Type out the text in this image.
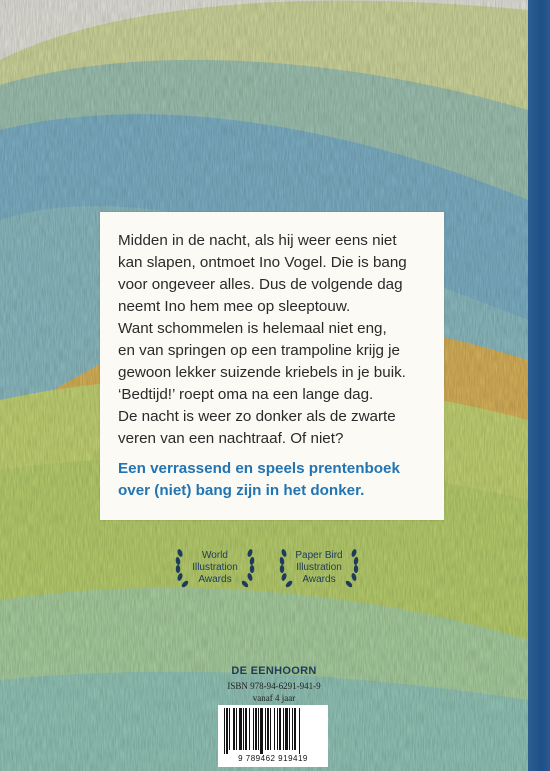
Midden in de nacht, als hij weer eens niet

kan slapen, ontmoet Ino Vogel. Die is bang

voor ongeveer alles. Dus de volgende dag

neemt Ino hem mee op sleeptouw.

Want schommelen is helemaal niet eng,

en van springen op een trampoline krijg je

gewoon lekker suizende kriebels in je buik.

‘Bedtijd!’ roept oma na een lange dag.

De nacht is weer zo donker als de zwarte

veren van een nachtraaf. Of niet?

Een verrassend en speels prentenboek
over (niet) bang zijn in het donker.
World
Illustration
Awards
Paper Bird
Illustration
Awards
DE EENHOORN
ISBN 978-94-6291-941-9
vanaf 4 jaar
9 789462 919419
